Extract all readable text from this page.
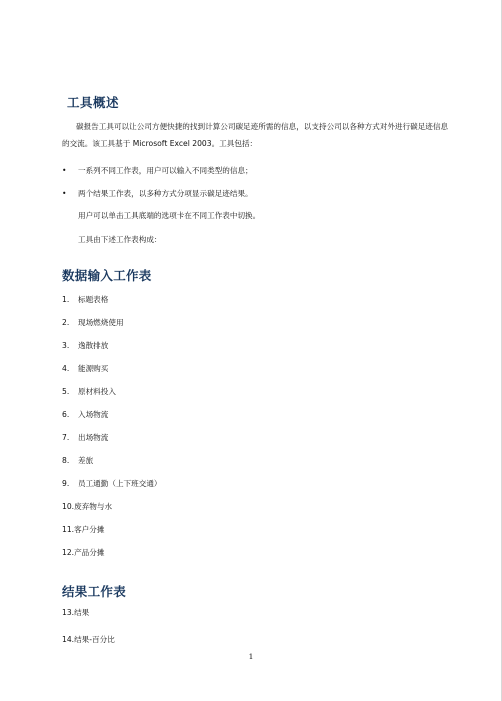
工具概述
碳报告工具可以让公司方便快捷的找到计算公司碳足迹所需的信息，以支持公司以各种方式对外进行碳足迹信息的交流。该工具基于 Microsoft Excel 2003。工具包括：
• 一系列不同工作表，用户可以输入不同类型的信息；
• 两个结果工作表，以多种方式分项显示碳足迹结果。
用户可以单击工具底端的选项卡在不同工作表中切换。
工具由下述工作表构成：
数据输入工作表
1. 标题表格
2. 现场燃烧使用
3. 逸散排放
4. 能源购买
5. 原材料投入
6. 入场物流
7. 出场物流
8. 差旅
9. 员工通勤（上下班交通）
10.废弃物与水
11.客户分摊
12.产品分摊
结果工作表
13.结果
14.结果-百分比
1
